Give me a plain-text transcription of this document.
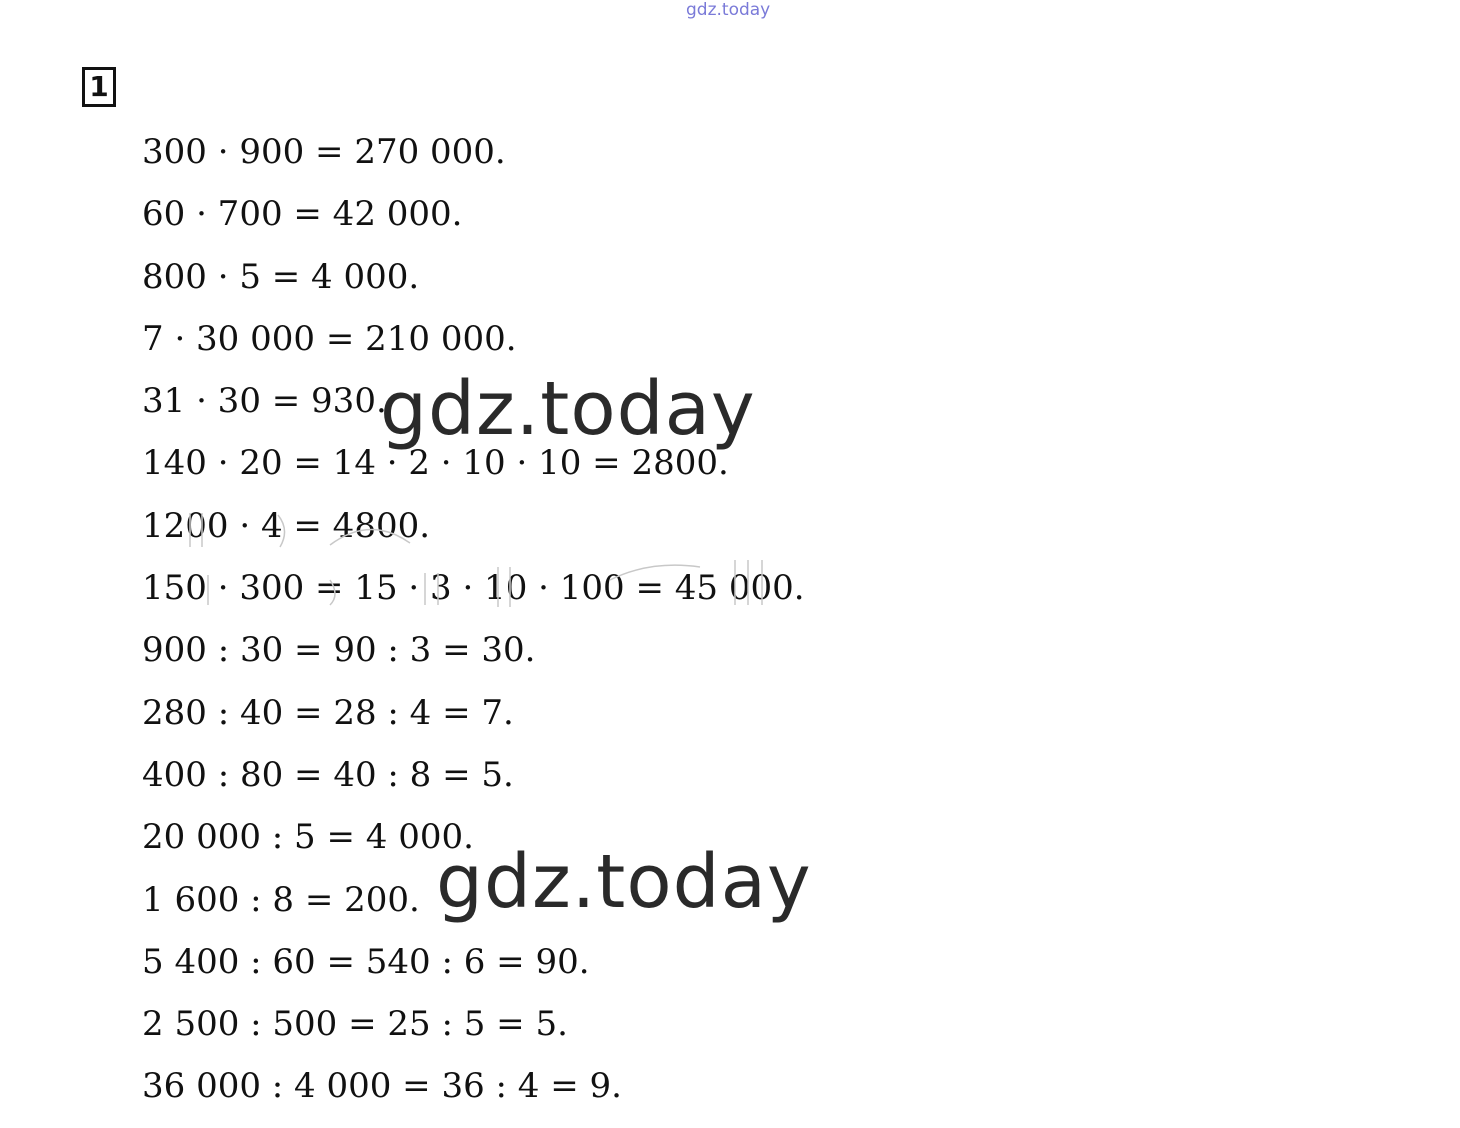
gdz.today
1
300 · 900 = 270 000.
60 · 700 = 42 000.
800 · 5 = 4 000.
7 · 30 000 = 210 000.
31 · 30 = 930.
140 · 20 = 14 · 2 · 10 · 10 = 2800.
1200 · 4 = 4800.
150 · 300 = 15 · 3 · 10 · 100 = 45 000.
900 : 30 = 90 : 3 = 30.
280 : 40 = 28 : 4 = 7.
400 : 80 = 40 : 8 = 5.
20 000 : 5 = 4 000.
1 600 : 8 = 200.
5 400 : 60 = 540 : 6 = 90.
2 500 : 500 = 25 : 5 = 5.
36 000 : 4 000 = 36 : 4 = 9.
gdz.today
gdz.today
